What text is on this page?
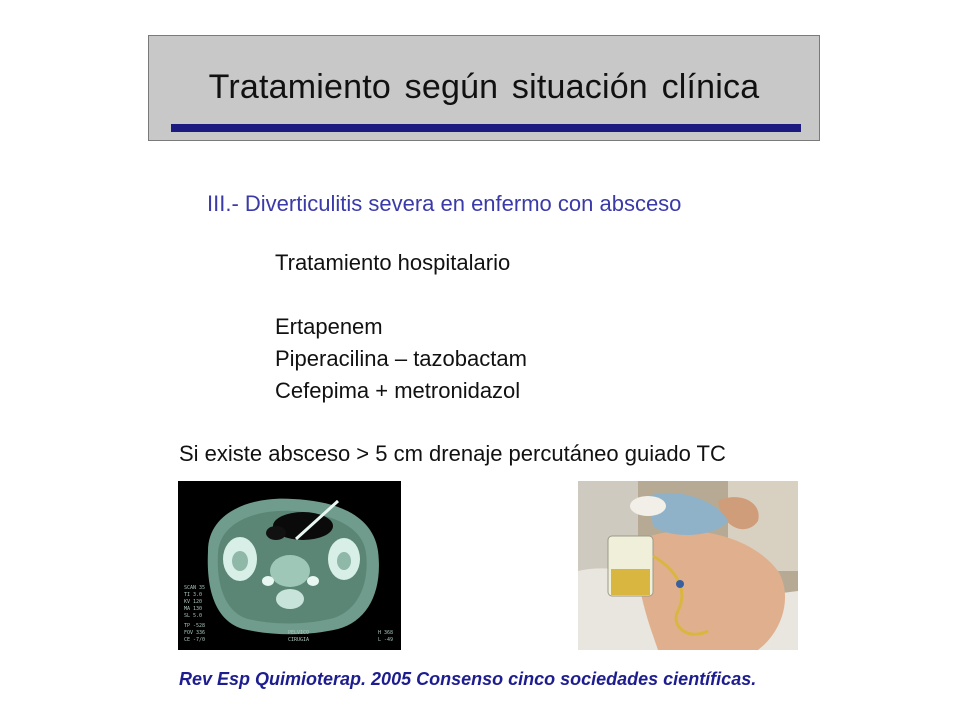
Tratamiento según situación clínica
III.- Diverticulitis severa en enfermo con absceso
Tratamiento hospitalario
Ertapenem
Piperacilina – tazobactam
Cefepima + metronidazol
Si existe absceso > 5 cm drenaje percutáneo guiado TC
SCAN 35
TI 3.0
KV 120
MA 130
SL 5.0
TP -528
FOV 336
CE -7/0
PELVICO
CIRUGIA
H 368
L -49
Rev Esp Quimioterap. 2005 Consenso cinco sociedades científicas.
